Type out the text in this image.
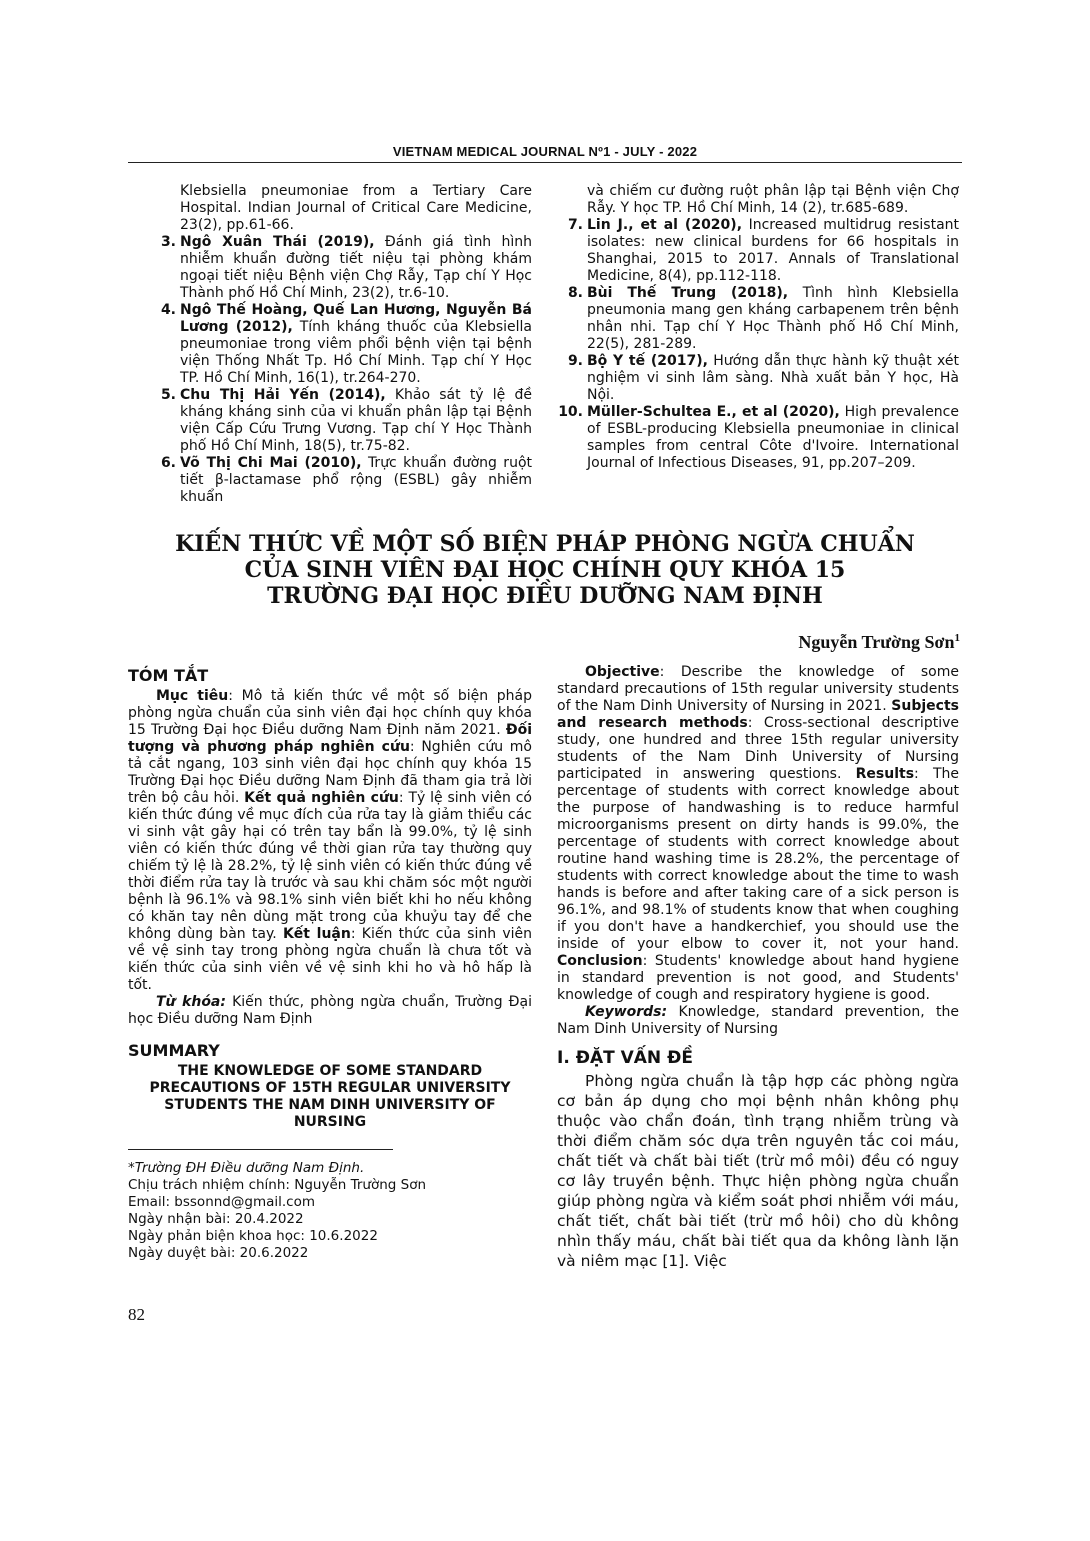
VIETNAM MEDICAL JOURNAL Nº1 - JULY - 2022
Klebsiella pneumoniae from a Tertiary Care Hospital. Indian Journal of Critical Care Medicine, 23(2), pp.61-66.
3. Ngô Xuân Thái (2019), Đánh giá tình hình nhiễm khuẩn đường tiết niệu tại phòng khám ngoại tiết niệu Bệnh viện Chợ Rẫy, Tạp chí Y Học Thành phố Hồ Chí Minh, 23(2), tr.6-10.
4. Ngô Thế Hoàng, Quế Lan Hương, Nguyễn Bá Lương (2012), Tính kháng thuốc của Klebsiella pneumoniae trong viêm phổi bệnh viện tại bệnh viện Thống Nhất Tp. Hồ Chí Minh. Tạp chí Y Học TP. Hồ Chí Minh, 16(1), tr.264-270.
5. Chu Thị Hải Yến (2014), Khảo sát tỷ lệ đề kháng kháng sinh của vi khuẩn phân lập tại Bệnh viện Cấp Cứu Trưng Vương. Tạp chí Y Học Thành phố Hồ Chí Minh, 18(5), tr.75-82.
6. Võ Thị Chi Mai (2010), Trực khuẩn đường ruột tiết β-lactamase phổ rộng (ESBL) gây nhiễm khuẩn
và chiếm cư đường ruột phân lập tại Bệnh viện Chợ Rẫy. Y học TP. Hồ Chí Minh, 14 (2), tr.685-689.
7. Lin J., et al (2020), Increased multidrug resistant isolates: new clinical burdens for 66 hospitals in Shanghai, 2015 to 2017. Annals of Translational Medicine, 8(4), pp.112-118.
8. Bùi Thế Trung (2018), Tình hình Klebsiella pneumonia mang gen kháng carbapenem trên bệnh nhân nhi. Tạp chí Y Học Thành phố Hồ Chí Minh, 22(5), 281-289.
9. Bộ Y tế (2017), Hướng dẫn thực hành kỹ thuật xét nghiệm vi sinh lâm sàng. Nhà xuất bản Y học, Hà Nội.
10. Müller-Schultea E., et al (2020), High prevalence of ESBL-producing Klebsiella pneumoniae in clinical samples from central Côte d'Ivoire. International Journal of Infectious Diseases, 91, pp.207–209.
KIẾN THỨC VỀ MỘT SỐ BIỆN PHÁP PHÒNG NGỪA CHUẨN
CỦA SINH VIÊN ĐẠI HỌC CHÍNH QUY KHÓA 15
TRƯỜNG ĐẠI HỌC ĐIỀU DƯỠNG NAM ĐỊNH
Nguyễn Trường Sơn$^1$
TÓM TẮT

Mục tiêu: Mô tả kiến thức về một số biện pháp phòng ngừa chuẩn của sinh viên đại học chính quy khóa 15 Trường Đại học Điều dưỡng Nam Định năm 2021. Đối tượng và phương pháp nghiên cứu: Nghiên cứu mô tả cắt ngang, 103 sinh viên đại học chính quy khóa 15 Trường Đại học Điều dưỡng Nam Định đã tham gia trả lời trên bộ câu hỏi. Kết quả nghiên cứu: Tỷ lệ sinh viên có kiến thức đúng về mục đích của rửa tay là giảm thiểu các vi sinh vật gây hại có trên tay bẩn là 99.0%, tỷ lệ sinh viên có kiến thức đúng về thời gian rửa tay thường quy chiếm tỷ lệ là 28.2%, tỷ lệ sinh viên có kiến thức đúng về thời điểm rửa tay là trước và sau khi chăm sóc một người bệnh là 96.1% và 98.1% sinh viên biết khi ho nếu không có khăn tay nên dùng mặt trong của khuỷu tay để che không dùng bàn tay. Kết luận: Kiến thức của sinh viên về vệ sinh tay trong phòng ngừa chuẩn là chưa tốt và kiến thức của sinh viên về vệ sinh khi ho và hô hấp là tốt.

Từ khóa: Kiến thức, phòng ngừa chuẩn, Trường Đại học Điều dưỡng Nam Định

SUMMARY
THE KNOWLEDGE OF SOME STANDARD PRECAUTIONS OF 15TH REGULAR UNIVERSITY STUDENTS THE NAM DINH UNIVERSITY OF NURSING
*Trường ĐH Điều dưỡng Nam Định.
Chịu trách nhiệm chính: Nguyễn Trường Sơn
Email: bssonnd@gmail.com
Ngày nhận bài: 20.4.2022
Ngày phản biện khoa học: 10.6.2022
Ngày duyệt bài: 20.6.2022

Objective: Describe the knowledge of some standard precautions of 15th regular university students of the Nam Dinh University of Nursing in 2021. Subjects and research methods: Cross-sectional descriptive study, one hundred and three 15th regular university students of the Nam Dinh University of Nursing participated in answering questions. Results: The percentage of students with correct knowledge about the purpose of handwashing is to reduce harmful microorganisms present on dirty hands is 99.0%, the percentage of students with correct knowledge about routine hand washing time is 28.2%, the percentage of students with correct knowledge about the time to wash hands is before and after taking care of a sick person is 96.1%, and 98.1% of students know that when coughing if you don't have a handkerchief, you should use the inside of your elbow to cover it, not your hand. Conclusion: Students' knowledge about hand hygiene in standard prevention is not good, and Students' knowledge of cough and respiratory hygiene is good.

Keywords: Knowledge, standard prevention, the Nam Dinh University of Nursing

I. ĐẶT VẤN ĐỀ

Phòng ngừa chuẩn là tập hợp các phòng ngừa cơ bản áp dụng cho mọi bệnh nhân không phụ thuộc vào chẩn đoán, tình trạng nhiễm trùng và thời điểm chăm sóc dựa trên nguyên tắc coi máu, chất tiết và chất bài tiết (trừ mồ môi) đều có nguy cơ lây truyền bệnh. Thực hiện phòng ngừa chuẩn giúp phòng ngừa và kiểm soát phơi nhiễm với máu, chất tiết, chất bài tiết (trừ mồ hôi) cho dù không nhìn thấy máu, chất bài tiết qua da không lành lặn và niêm mạc [1]. Việc

82
